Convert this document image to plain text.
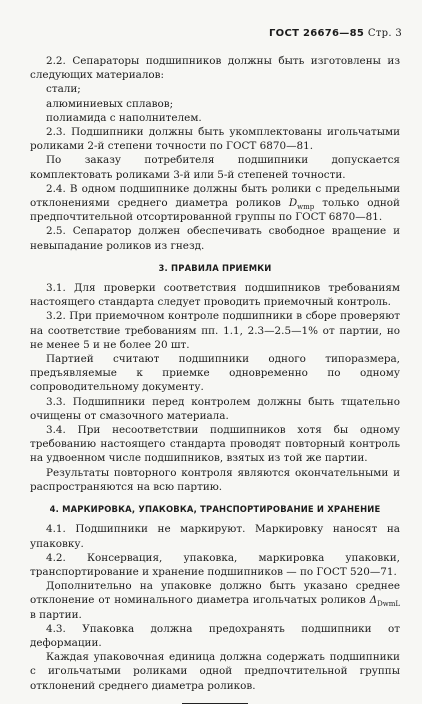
ГОСТ 26676—85 Стр. 3

2.2. Сепараторы подшипников должны быть изготовлены из следующих материалов:

стали;

алюминиевых сплавов;

полиамида с наполнителем.

2.3. Подшипники должны быть укомплектованы игольчатыми роликами 2-й степени точности по ГОСТ 6870—81.

По заказу потребителя подшипники допускается комплектовать роликами 3-й или 5-й степеней точности.

2.4. В одном подшипнике должны быть ролики с предельными отклонениями среднего диаметра роликов $D_{wmp}$ только одной предпочтительной отсортированной группы по ГОСТ 6870—81.

2.5. Сепаратор должен обеспечивать свободное вращение и невыпадание роликов из гнезд.

3. ПРАВИЛА ПРИЕМКИ

3.1. Для проверки соответствия подшипников требованиям настоящего стандарта следует проводить приемочный контроль.

3.2. При приемочном контроле подшипники в сборе проверяют на соответствие требованиям пп. 1.1, 2.3—2.5—1% от партии, но не менее 5 и не более 20 шт.

Партией считают подшипники одного типоразмера, предъявляемые к приемке одновременно по одному сопроводительному документу.

3.3. Подшипники перед контролем должны быть тщательно очищены от смазочного материала.

3.4. При несоответствии подшипников хотя бы одному требованию настоящего стандарта проводят повторный контроль на удвоенном числе подшипников, взятых из той же партии.

Результаты повторного контроля являются окончательными и распространяются на всю партию.

4. МАРКИРОВКА, УПАКОВКА, ТРАНСПОРТИРОВАНИЕ И ХРАНЕНИЕ

4.1. Подшипники не маркируют. Маркировку наносят на упаковку.

4.2. Консервация, упаковка, маркировка упаковки, транспортирование и хранение подшипников — по ГОСТ 520—71.

Дополнительно на упаковке должно быть указано среднее отклонение от номинального диаметра игольчатых роликов $\Delta_{DwmL}$ в партии.

4.3. Упаковка должна предохранять подшипники от деформации.

Каждая упаковочная единица должна содержать подшипники с игольчатыми роликами одной предпочтительной группы отклонений среднего диаметра роликов.
